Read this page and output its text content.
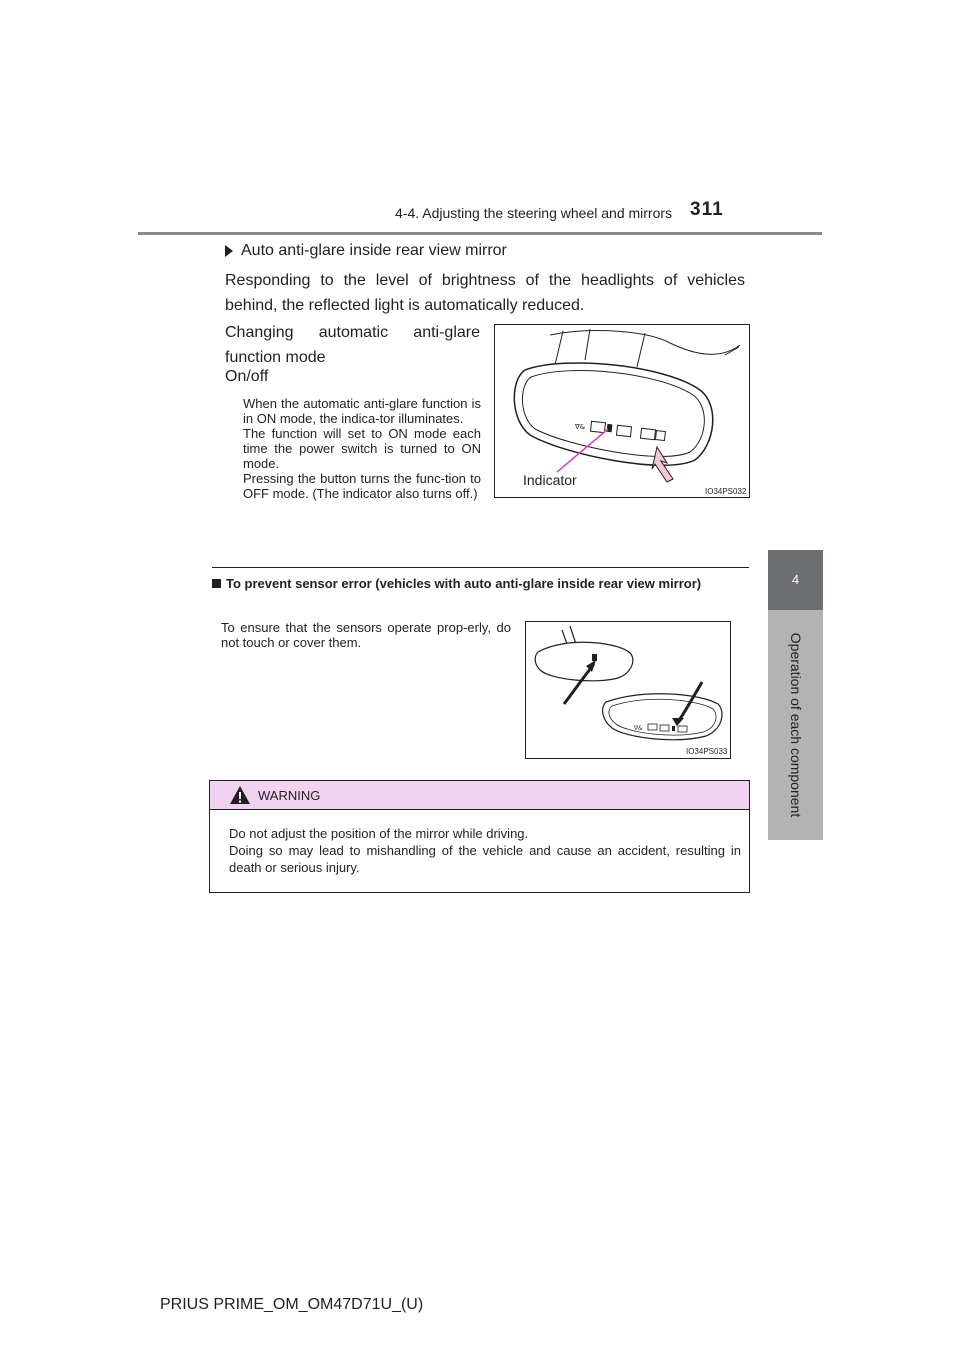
4-4. Adjusting the steering wheel and mirrors 311
4
Operation of each component
Auto anti-glare inside rear view mirror
Responding to the level of brightness of the headlights of vehicles behind, the reflected light is automatically reduced.
Changing automatic anti-glare function mode
On/off

When the automatic anti-glare function is in ON mode, the indica-tor illuminates.

The function will set to ON mode each time the power switch is turned to ON mode.

Pressing the button turns the func-tion to OFF mode. (The indicator also turns off.)

∇&
Indicator
IO34PS032
To prevent sensor error (vehicles with auto anti-glare inside rear view mirror)
To ensure that the sensors operate prop-erly, do not touch or cover them.
∇&
IO34PS033
WARNING

Do not adjust the position of the mirror while driving.

Doing so may lead to mishandling of the vehicle and cause an accident, resulting in death or serious injury.

PRIUS PRIME_OM_OM47D71U_(U)
